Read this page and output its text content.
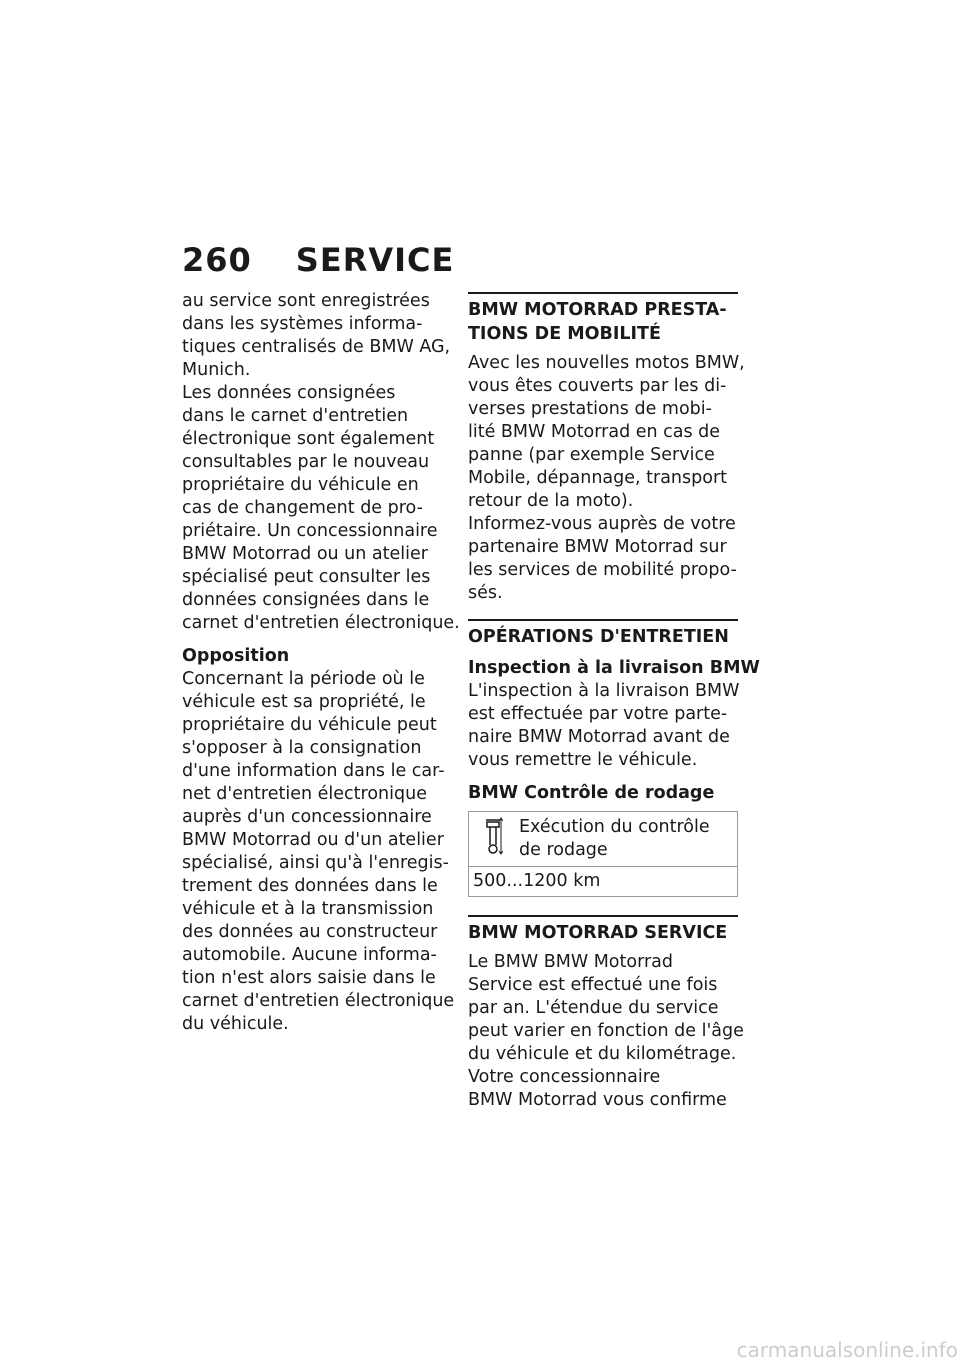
260 SERVICE
au service sont enregistrées
dans les systèmes informa-
tiques centralisés de BMW AG,
Munich.
Les données consignées
dans le carnet d'entretien
électronique sont également
consultables par le nouveau
propriétaire du véhicule en
cas de changement de pro-
priétaire. Un concessionnaire
BMW Motorrad ou un atelier
spécialisé peut consulter les
données consignées dans le
carnet d'entretien électronique.
Opposition
Concernant la période où le
véhicule est sa propriété, le
propriétaire du véhicule peut
s'opposer à la consignation
d'une information dans le car-
net d'entretien électronique
auprès d'un concessionnaire
BMW Motorrad ou d'un atelier
spécialisé, ainsi qu'à l'enregis-
trement des données dans le
véhicule et à la transmission
des données au constructeur
automobile. Aucune informa-
tion n'est alors saisie dans le
carnet d'entretien électronique
du véhicule.
BMW MOTORRAD PRESTA-
TIONS DE MOBILITÉ
Avec les nouvelles motos BMW,
vous êtes couverts par les di-
verses prestations de mobi-
lité BMW Motorrad en cas de
panne (par exemple Service
Mobile, dépannage, transport
retour de la moto).
Informez-vous auprès de votre
partenaire BMW Motorrad sur
les services de mobilité propo-
sés.
OPÉRATIONS D'ENTRETIEN
Inspection à la livraison BMW
L'inspection à la livraison BMW
est effectuée par votre parte-
naire BMW Motorrad avant de
vous remettre le véhicule.
BMW Contrôle de rodage
Exécution du contrôle
de rodage
500...1200 km
BMW MOTORRAD SERVICE
Le BMW BMW Motorrad
Service est effectué une fois
par an. L'étendue du service
peut varier en fonction de l'âge
du véhicule et du kilométrage.
Votre concessionnaire
BMW Motorrad vous confirme
carmanualsonline.info
